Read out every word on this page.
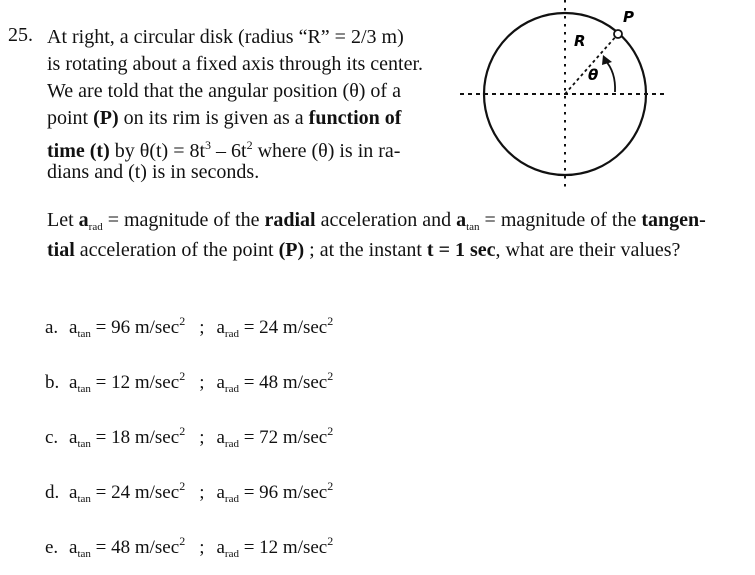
25. At right, a circular disk (radius “R” = 2/3 m)
is rotating about a fixed axis through its center.
We are told that the angular position (θ) of a
point (P) on its rim is given as a function of
time (t) by $\theta(t) = 8t^3 - 6t^2$ where (θ) is in ra-
dians and (t) is in seconds.
R
θ
P
Let $a_{rad}$ = magnitude of the radial acceleration and $a_{tan}$ = magnitude of the tangen-
tial acceleration of the point (P) ; at the instant t = 1 sec, what are their values?
a. $a_{tan} = 96$ $m/\sec^2$ ; $a_{rad} = 24$ $m/\sec^2$
b. $a_{tan} = 12$ $m/\sec^2$ ; $a_{rad} = 48$ $m/\sec^2$
c. $a_{tan} = 18$ $m/\sec^2$ ; $a_{rad} = 72$ $m/\sec^2$
d. $a_{tan} = 24$ $m/\sec^2$ ; $a_{rad} = 96$ $m/\sec^2$
e. $a_{tan} = 48$ $m/\sec^2$ ; $a_{rad} = 12$ $m/\sec^2$
